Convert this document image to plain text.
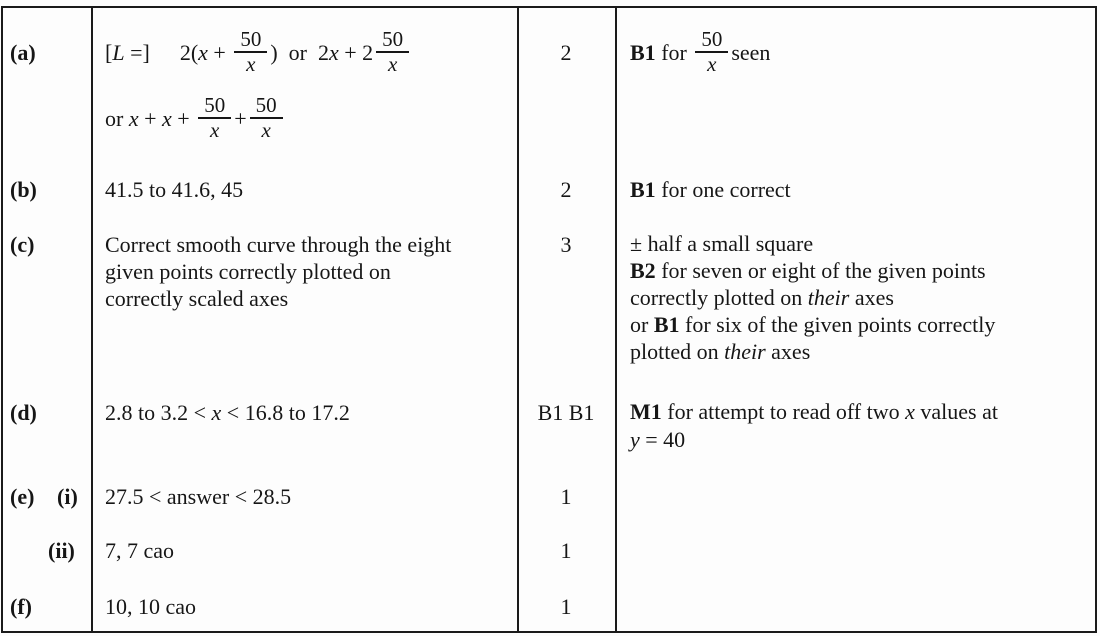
(a)	[ L =] 2( $x + \frac{50}{x}$ )  or  2 $x + 2 \frac{50}{x}$
or $x + x + \frac{50}{x} + \frac{50}{x}$
2	B1 for $\frac{50}{x}$ seen
(b)	41.5 to 41.6, 45	2	B1 for one correct
(c)	Correct smooth curve through the eight
given points correctly plotted on
correctly scaled axes
3	± half a small square
B2 for seven or eight of the given points
correctly plotted on their axes
or B1 for six of the given points correctly
plotted on their axes
(d)	2.8 to 3.2 < x < 16.8 to 17.2	B1 B1	M1 for attempt to read off two x values at
y = 40
(e) (i) 27.5 < answer < 28.5	1
(ii) 7, 7 cao	1
(f)	10, 10 cao	1
